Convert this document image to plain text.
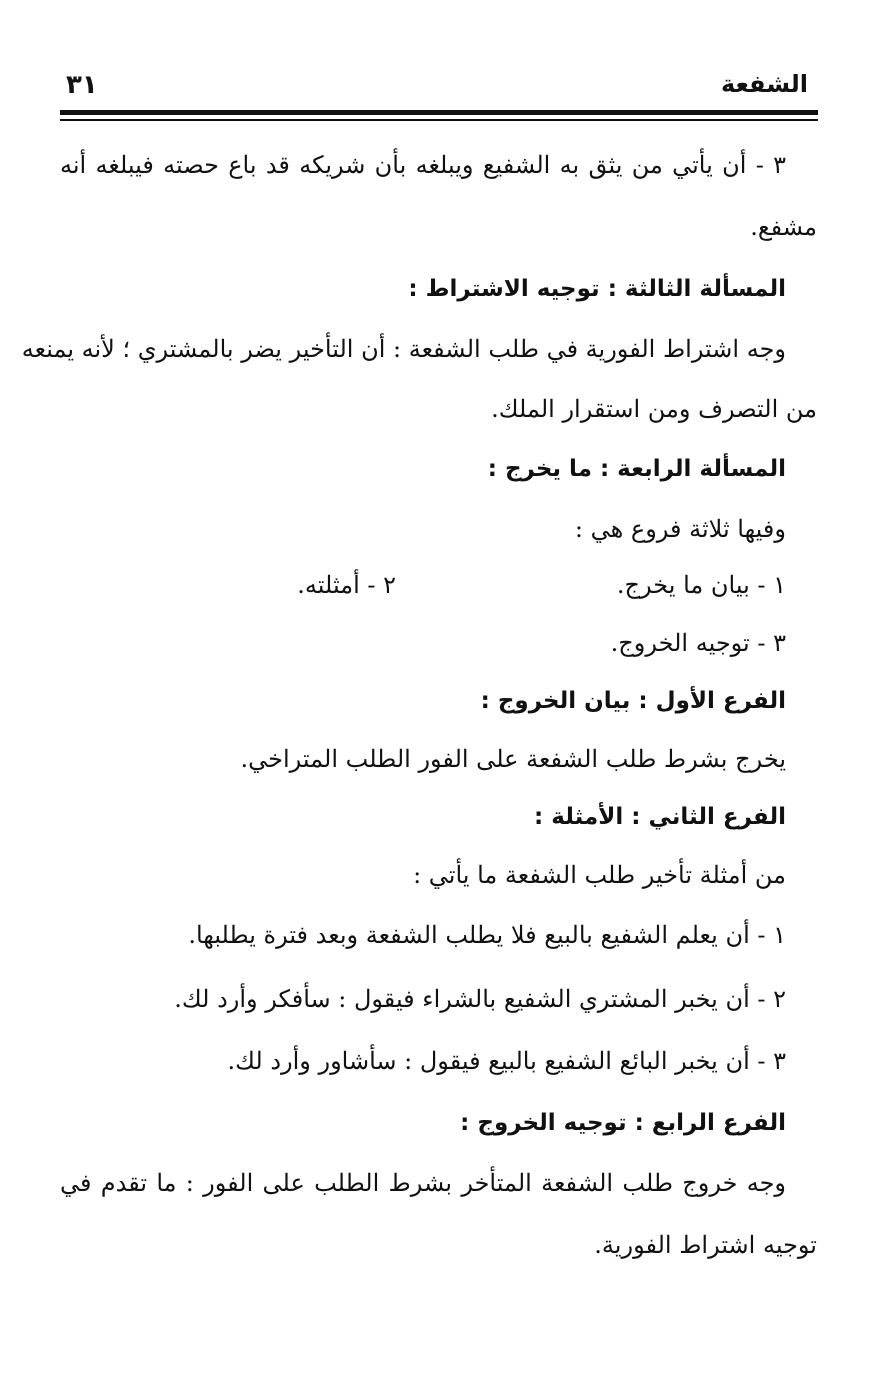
الشفعة
٣١
٣ - أن يأتي من يثق به الشفيع ويبلغه بأن شريكه قد باع حصته فيبلغه أنه
مشفع.
المسألة الثالثة : توجيه الاشتراط :
وجه اشتراط الفورية في طلب الشفعة : أن التأخير يضر بالمشتري ؛ لأنه يمنعه
من التصرف ومن استقرار الملك.
المسألة الرابعة : ما يخرج :
وفيها ثلاثة فروع هي :
١ - بيان ما يخرج.
٢ - أمثلته.
٣ - توجيه الخروج.
الفرع الأول : بيان الخروج :
يخرج بشرط طلب الشفعة على الفور الطلب المتراخي.
الفرع الثاني : الأمثلة :
من أمثلة تأخير طلب الشفعة ما يأتي :
١ - أن يعلم الشفيع بالبيع فلا يطلب الشفعة وبعد فترة يطلبها.
٢ - أن يخبر المشتري الشفيع بالشراء فيقول : سأفكر وأرد لك.
٣ - أن يخبر البائع الشفيع بالبيع فيقول : سأشاور وأرد لك.
الفرع الرابع : توجيه الخروج :
وجه خروج طلب الشفعة المتأخر بشرط الطلب على الفور : ما تقدم في
توجيه اشتراط الفورية.
